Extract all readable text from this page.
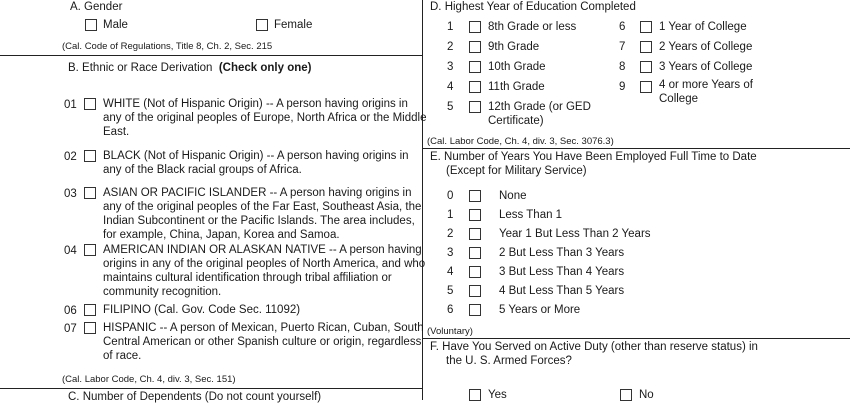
A. Gender
Male	Female
(Cal. Code of Regulations, Title 8, Ch. 2, Sec. 215
B. Ethnic or Race Derivation (Check only one)
01 WHITE (Not of Hispanic Origin) -- A person having origins in
any of the original peoples of Europe, North Africa or the Middle
East.
02 BLACK (Not of Hispanic Origin) -- A person having origins in
any of the Black racial groups of Africa.
03 ASIAN OR PACIFIC ISLANDER -- A person having origins in
any of the original peoples of the Far East, Southeast Asia, the
Indian Subcontinent or the Pacific Islands. The area includes,
for example, China, Japan, Korea and Samoa.
04 AMERICAN INDIAN OR ALASKAN NATIVE -- A person having
origins in any of the original peoples of North America, and who
maintains cultural identification through tribal affiliation or
community recognition.
06 FILIPINO (Cal. Gov. Code Sec. 11092)
07 HISPANIC -- A person of Mexican, Puerto Rican, Cuban, South
Central American or other Spanish culture or origin, regardless
of race.
(Cal. Labor Code, Ch. 4, div. 3, Sec. 151)
C. Number of Dependents (Do not count yourself)
D. Highest Year of Education Completed
1	8th Grade or less
2	9th Grade
3	10th Grade
4	11th Grade
5	12th Grade (or GED
Certificate)
6	1 Year of College
7	2 Years of College
8	3 Years of College
9	4 or more Years of
College
(Cal. Labor Code, Ch. 4, div. 3, Sec. 3076.3)
E. Number of Years You Have Been Employed Full Time to Date
(Except for Military Service)
0	None
1	Less Than 1
2	Year 1 But Less Than 2 Years
3	2 But Less Than 3 Years
4	3 But Less Than 4 Years
5	4 But Less Than 5 Years
6	5 Years or More
(Voluntary)
F. Have You Served on Active Duty (other than reserve status) in
the U. S. Armed Forces?
Yes	No
